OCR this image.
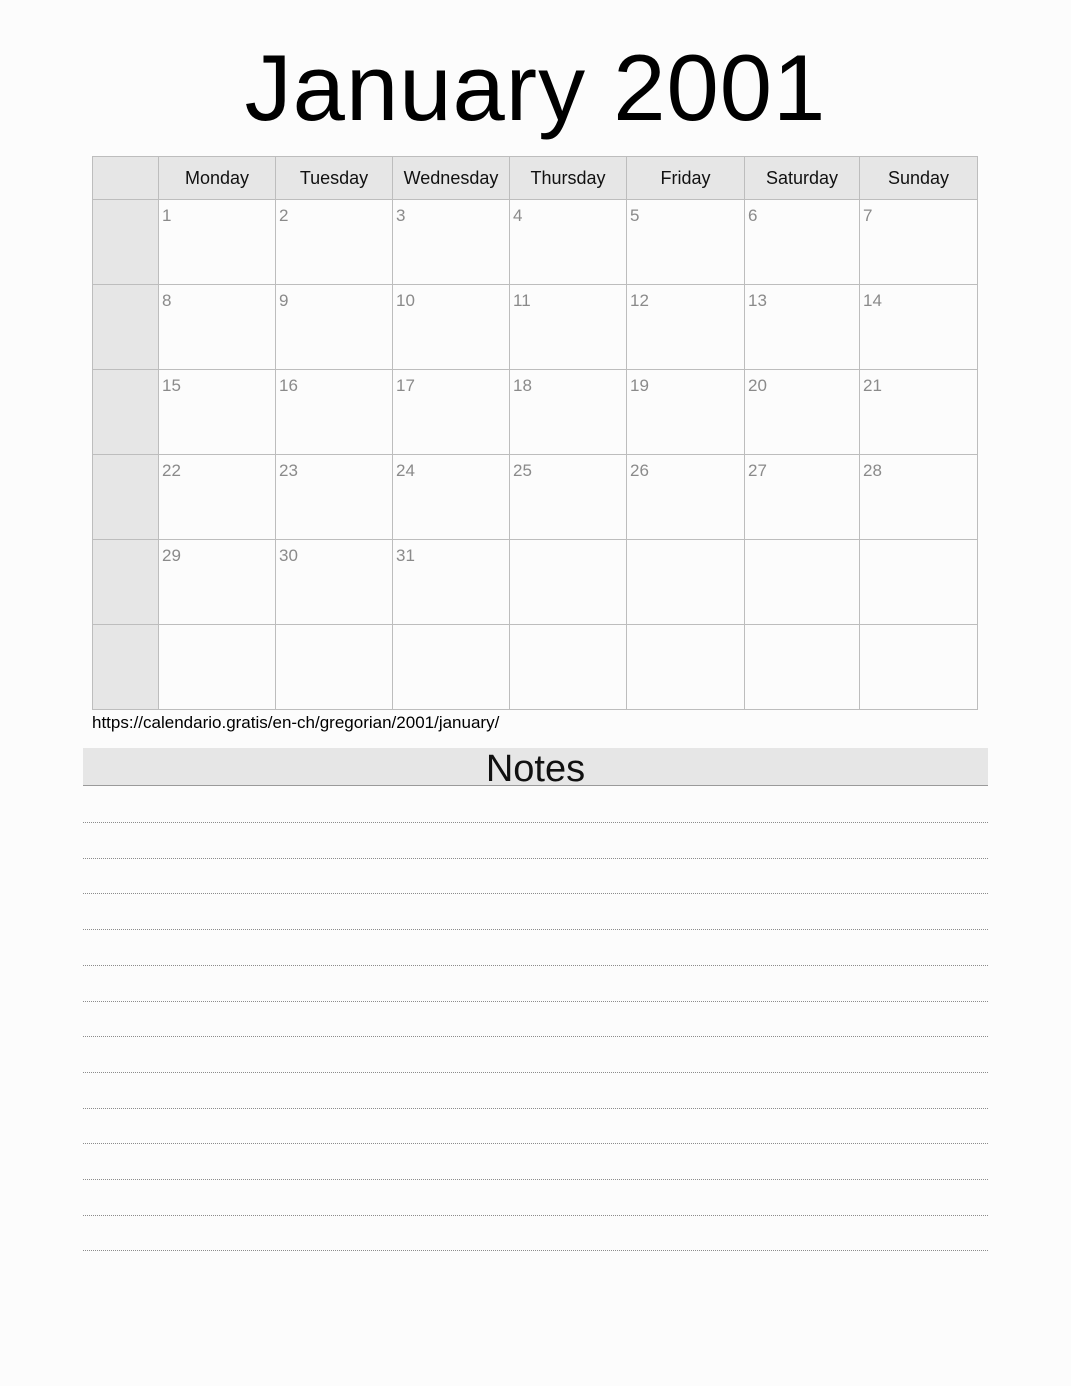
January 2001
	Monday	Tuesday	Wednesday	Thursday	Friday	Saturday	Sunday

	1	2	3	4	5	6	7

	8	9	10	11	12	13	14

	15	16	17	18	19	20	21

	22	23	24	25	26	27	28

	29	30	31				

https://calendario.gratis/en-ch/gregorian/2001/january/
Notes
